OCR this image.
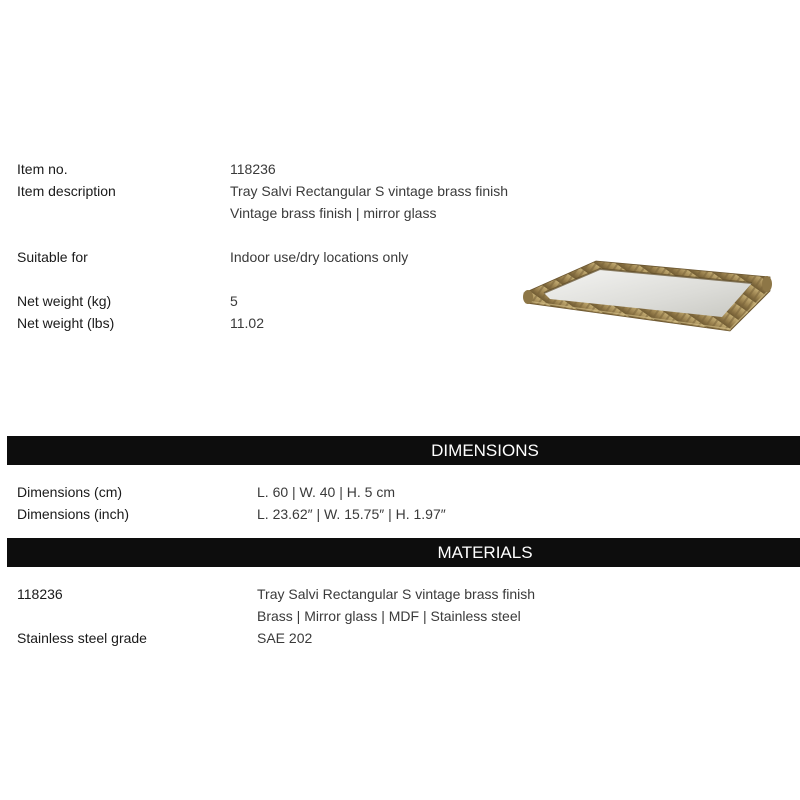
Item no.	118236
Item description	Tray Salvi Rectangular S vintage brass finish
Vintage brass finish | mirror glass
Suitable for	Indoor use/dry locations only
Net weight (kg)	5
Net weight (lbs)	11.02
DIMENSIONS
Dimensions (cm)	L. 60 | W. 40 | H. 5 cm
Dimensions (inch)	L. 23.62″ | W. 15.75″ | H. 1.97″
MATERIALS
118236	Tray Salvi Rectangular S vintage brass finish
Brass | Mirror glass | MDF | Stainless steel
Stainless steel grade	SAE 202
